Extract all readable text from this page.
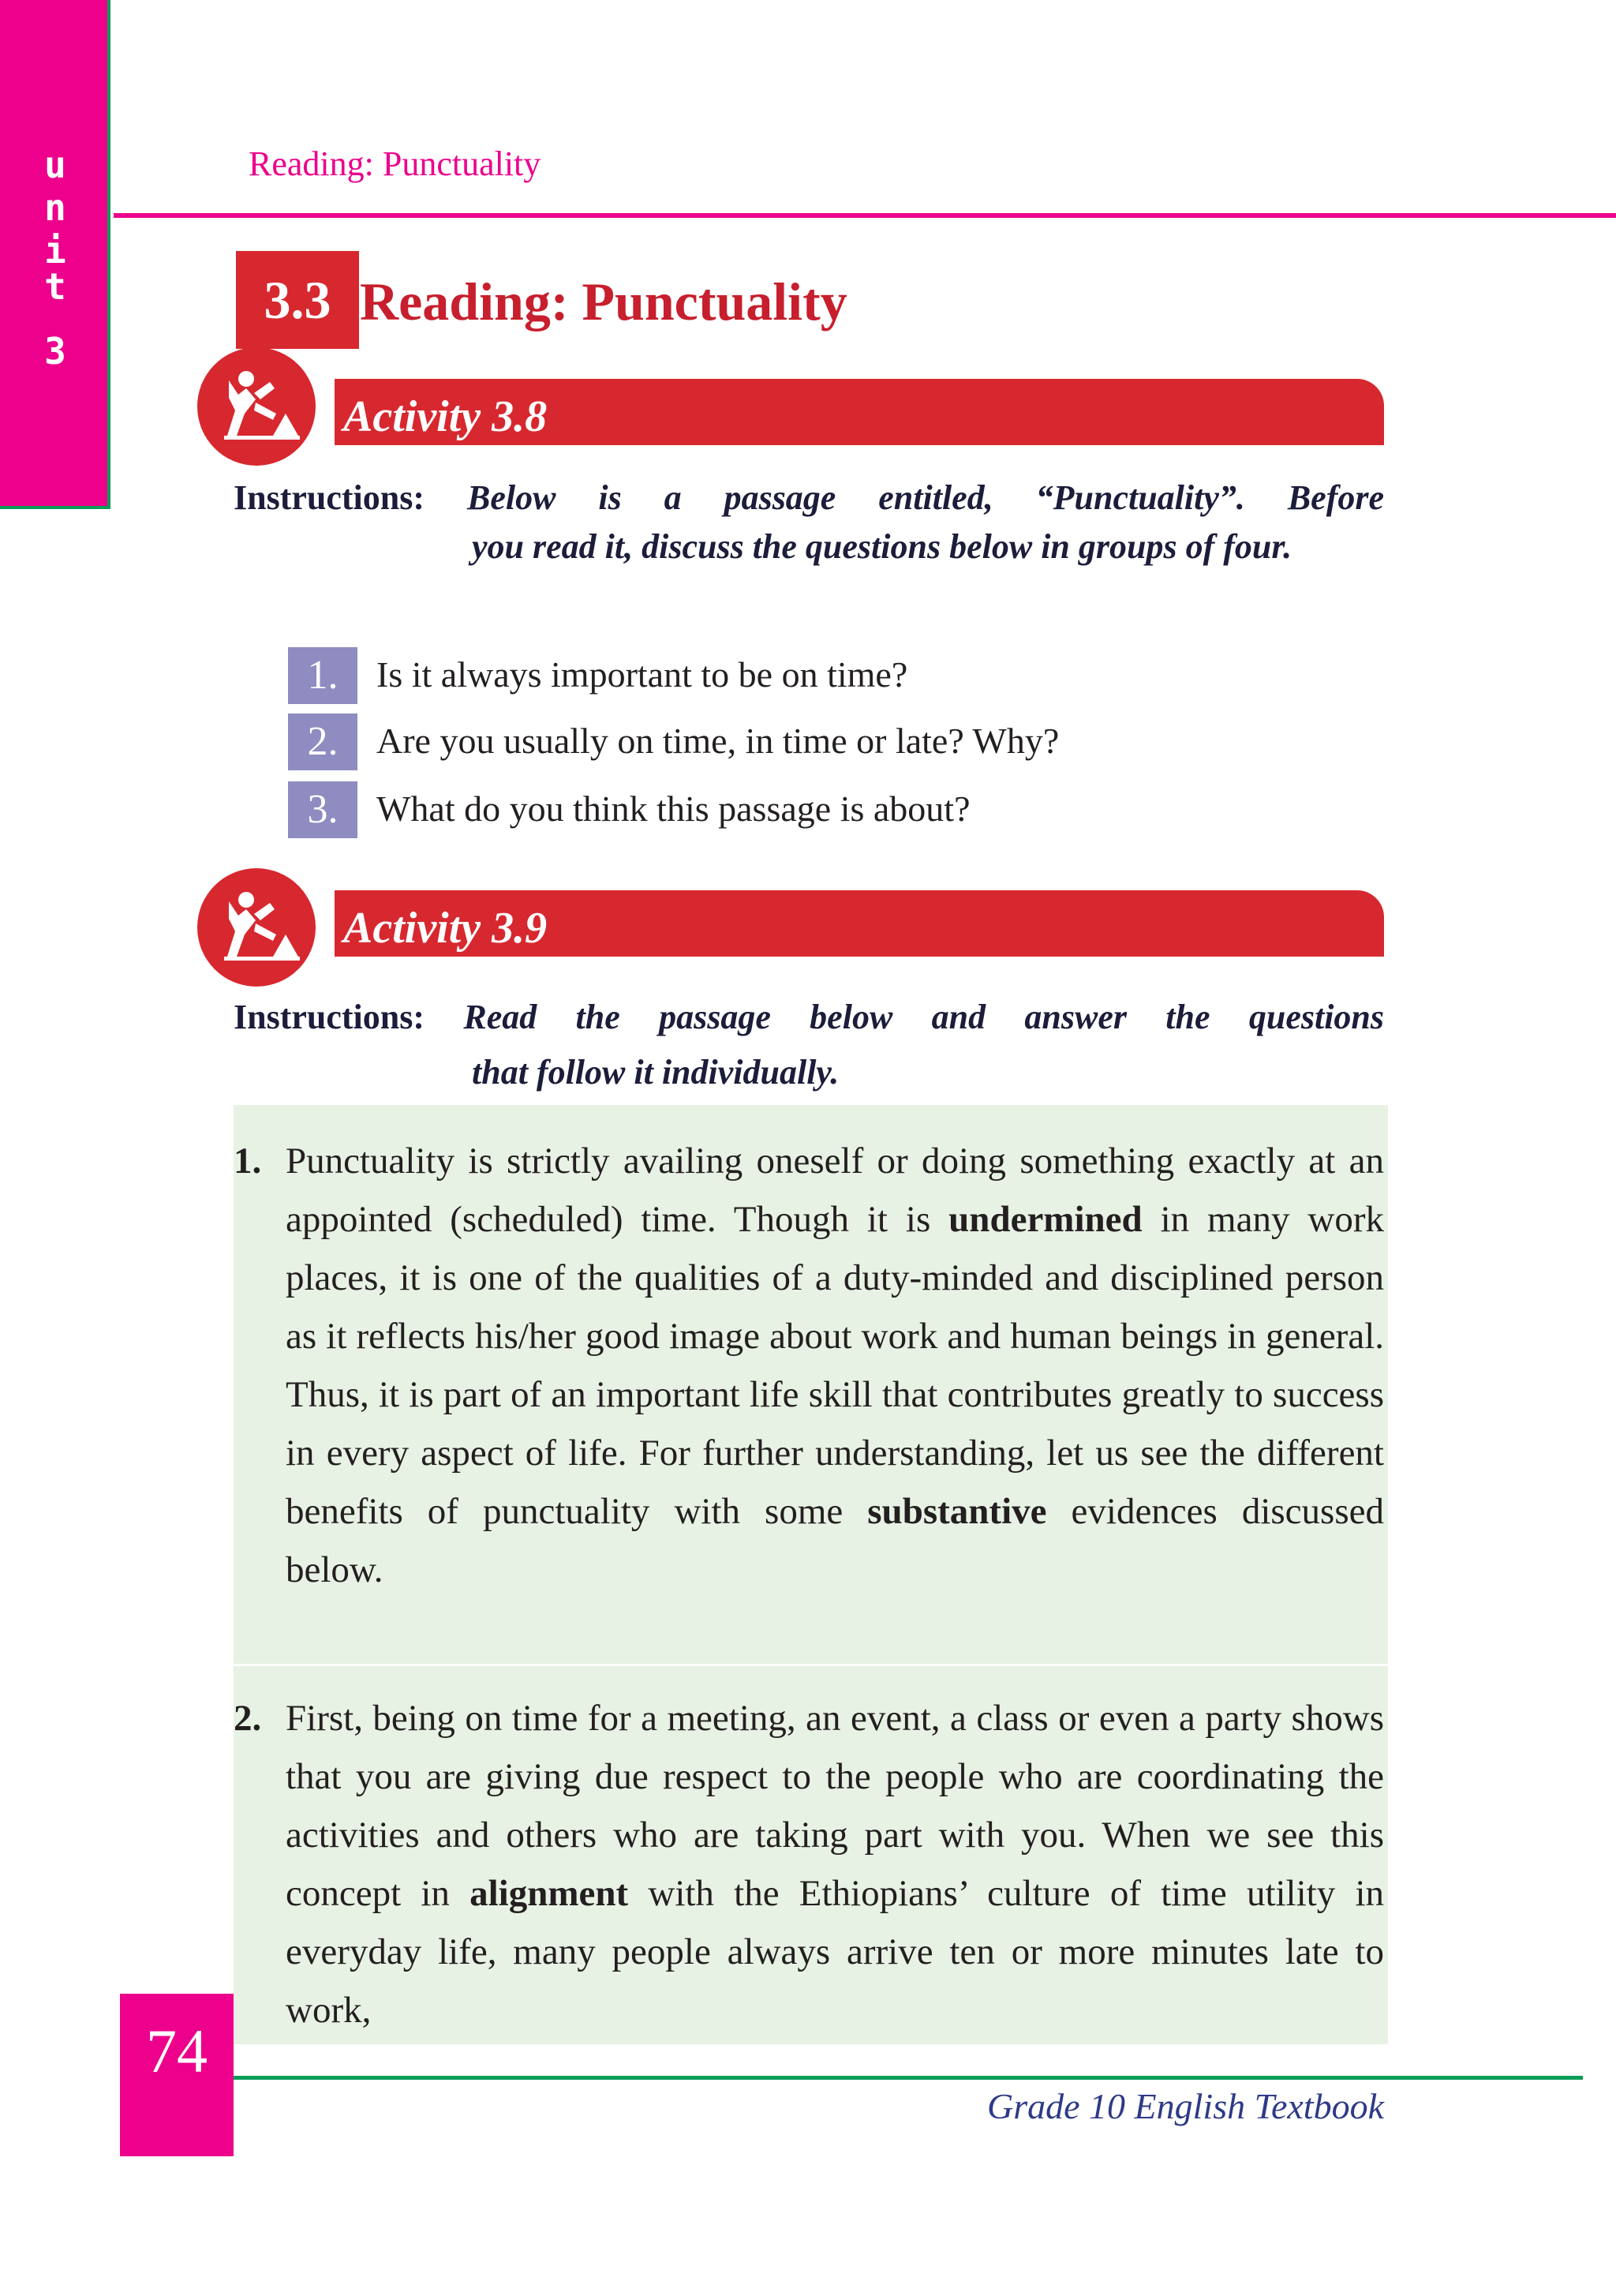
u
n
i
t
3
Reading: Punctuality
3.3 Reading: Punctuality
Activity 3.8
Instructions: Below is a passage entitled, “Punctuality”. Before
you read it, discuss the questions below in groups of four.
1.	Is it always important to be on time?
2.	Are you usually on time, in time or late? Why?
3.	What do you think this passage is about?
Activity 3.9
Instructions: Read the passage below and answer the questions
that follow it individually.
1. Punctuality is strictly availing oneself or doing something exactly at an appointed (scheduled) time. Though it is undermined in many work places, it is one of the qualities of a duty-minded and disciplined person as it reflects his/her good image about work and human beings in general. Thus, it is part of an important life skill that contributes greatly to success in every aspect of life. For further understanding, let us see the different benefits of punctuality with some substantive evidences discussed below.
2. First, being on time for a meeting, an event, a class or even a party shows that you are giving due respect to the people who are coordinating the activities and others who are taking part with you. When we see this concept in alignment with the Ethiopians’ culture of time utility in everyday life, many people always arrive ten or more minutes late to work,
74
Grade 10 English Textbook
